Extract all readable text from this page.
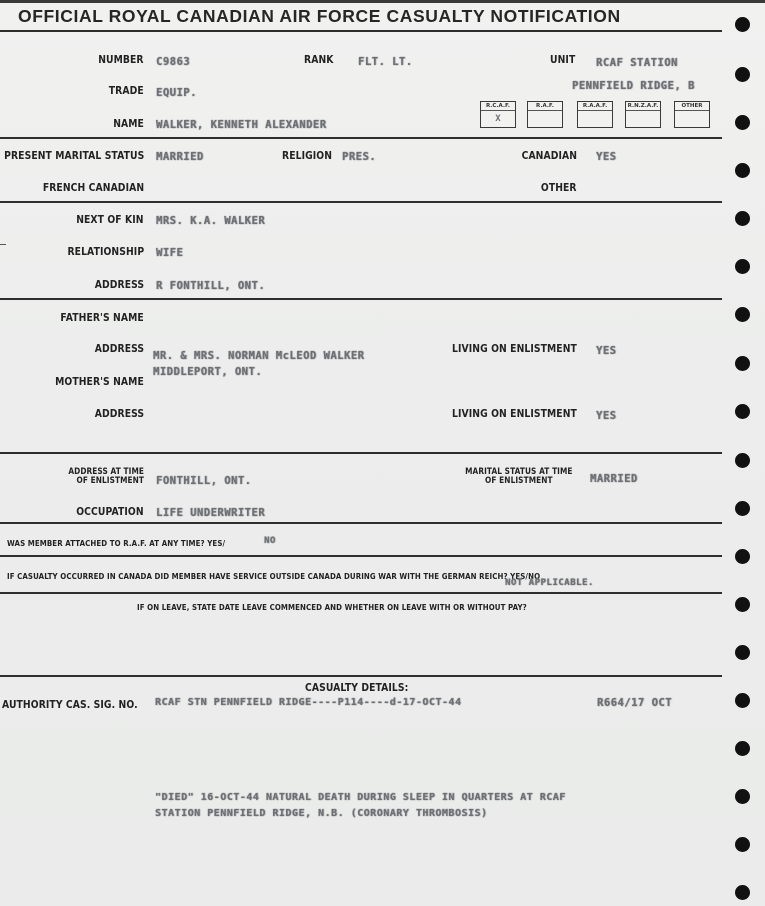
OFFICIAL ROYAL CANADIAN AIR FORCE CASUALTY NOTIFICATION
NUMBER C9863	RANK FLT. LT.	UNIT RCAF STATION
PENNFIELD RIDGE, B
TRADE EQUIP.
NAME WALKER, KENNETH ALEXANDER
R.C.A.F.
X
R.A.F.	R.A.A.F.	R.N.Z.A.F.	OTHER
PRESENT MARITAL STATUS MARRIED	RELIGION PRES.	CANADIAN YES
FRENCH CANADIAN	OTHER
NEXT OF KIN MRS. K.A. WALKER
RELATIONSHIP WIFE
ADDRESS R FONTHILL, ONT.
FATHER'S NAME
ADDRESS
MR. & MRS. NORMAN McLEOD WALKER
MIDDLEPORT, ONT.
LIVING ON ENLISTMENT YES
MOTHER'S NAME
ADDRESS	LIVING ON ENLISTMENT YES
ADDRESS AT TIME
OF ENLISTMENT FONTHILL, ONT.
MARITAL STATUS AT TIME
OF ENLISTMENT	MARRIED
OCCUPATION LIFE UNDERWRITER
WAS MEMBER ATTACHED TO R.A.F. AT ANY TIME? YES/	NO
IF CASUALTY OCCURRED IN CANADA DID MEMBER HAVE SERVICE OUTSIDE CANADA DURING WAR WITH THE GERMAN REICH? YES/NO
NOT APPLICABLE.
IF ON LEAVE, STATE DATE LEAVE COMMENCED AND WHETHER ON LEAVE WITH OR WITHOUT PAY?
CASUALTY DETAILS:
AUTHORITY CAS. SIG. NO. RCAF STN PENNFIELD RIDGE----P114----d-17-OCT-44	R664/17 OCT
"DIED" 16-OCT-44 NATURAL DEATH DURING SLEEP IN QUARTERS AT RCAF
STATION PENNFIELD RIDGE, N.B. (CORONARY THROMBOSIS)
